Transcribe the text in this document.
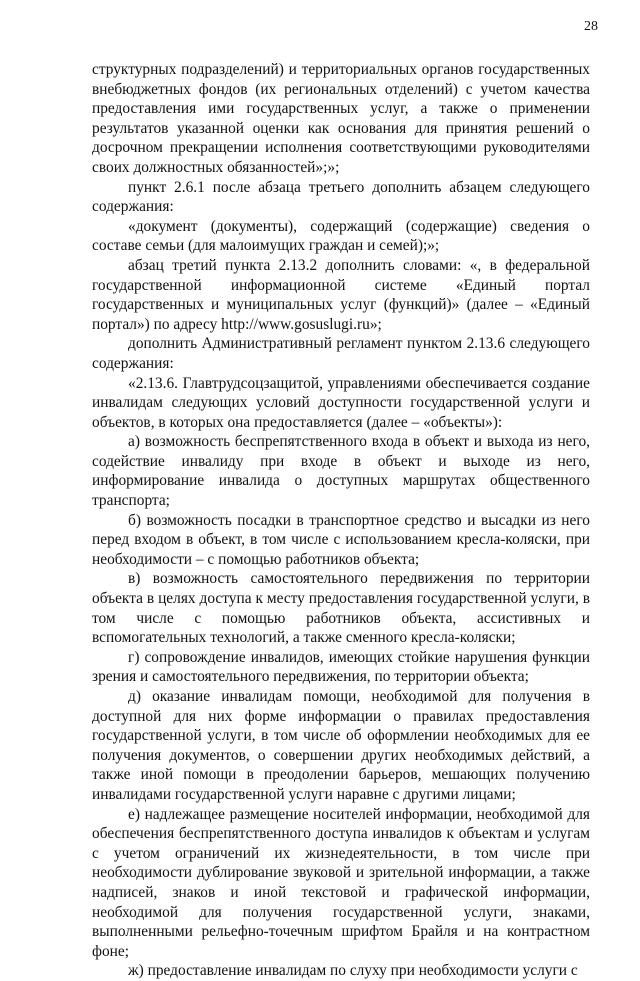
28

структурных подразделений) и территориальных органов государственных внебюджетных фондов (их региональных отделений) с учетом качества предоставления ими государственных услуг, а также о применении результатов указанной оценки как основания для принятия решений о досрочном прекращении исполнения соответствующими руководителями своих должностных обязанностей»;»;

пункт 2.6.1 после абзаца третьего дополнить абзацем следующего содержания:

«документ (документы), содержащий (содержащие) сведения о составе семьи (для малоимущих граждан и семей);»;

абзац третий пункта 2.13.2 дополнить словами: «, в федеральной государственной информационной системе «Единый портал государственных и муниципальных услуг (функций)» (далее – «Единый портал») по адресу http://www.gosuslugi.ru»;

дополнить Административный регламент пунктом 2.13.6 следующего содержания:

«2.13.6. Главтрудсоцзащитой, управлениями обеспечивается создание инвалидам следующих условий доступности государственной услуги и объектов, в которых она предоставляется (далее – «объекты»):

а) возможность беспрепятственного входа в объект и выхода из него, содействие инвалиду при входе в объект и выходе из него, информирование инвалида о доступных маршрутах общественного транспорта;

б) возможность посадки в транспортное средство и высадки из него перед входом в объект, в том числе с использованием кресла-коляски, при необходимости – с помощью работников объекта;

в) возможность самостоятельного передвижения по территории объекта в целях доступа к месту предоставления государственной услуги, в том числе с помощью работников объекта, ассистивных и вспомогательных технологий, а также сменного кресла-коляски;

г) сопровождение инвалидов, имеющих стойкие нарушения функции зрения и самостоятельного передвижения, по территории объекта;

д) оказание инвалидам помощи, необходимой для получения в доступной для них форме информации о правилах предоставления государственной услуги, в том числе об оформлении необходимых для ее получения документов, о совершении других необходимых действий, а также иной помощи в преодолении барьеров, мешающих получению инвалидами государственной услуги наравне с другими лицами;

е) надлежащее размещение носителей информации, необходимой для обеспечения беспрепятственного доступа инвалидов к объектам и услугам с учетом ограничений их жизнедеятельности, в том числе при необходимости дублирование звуковой и зрительной информации, а также надписей, знаков и иной текстовой и графической информации, необходимой для получения государственной услуги, знаками, выполненными рельефно-точечным шрифтом Брайля и на контрастном фоне;

ж) предоставление инвалидам по слуху при необходимости услуги с
